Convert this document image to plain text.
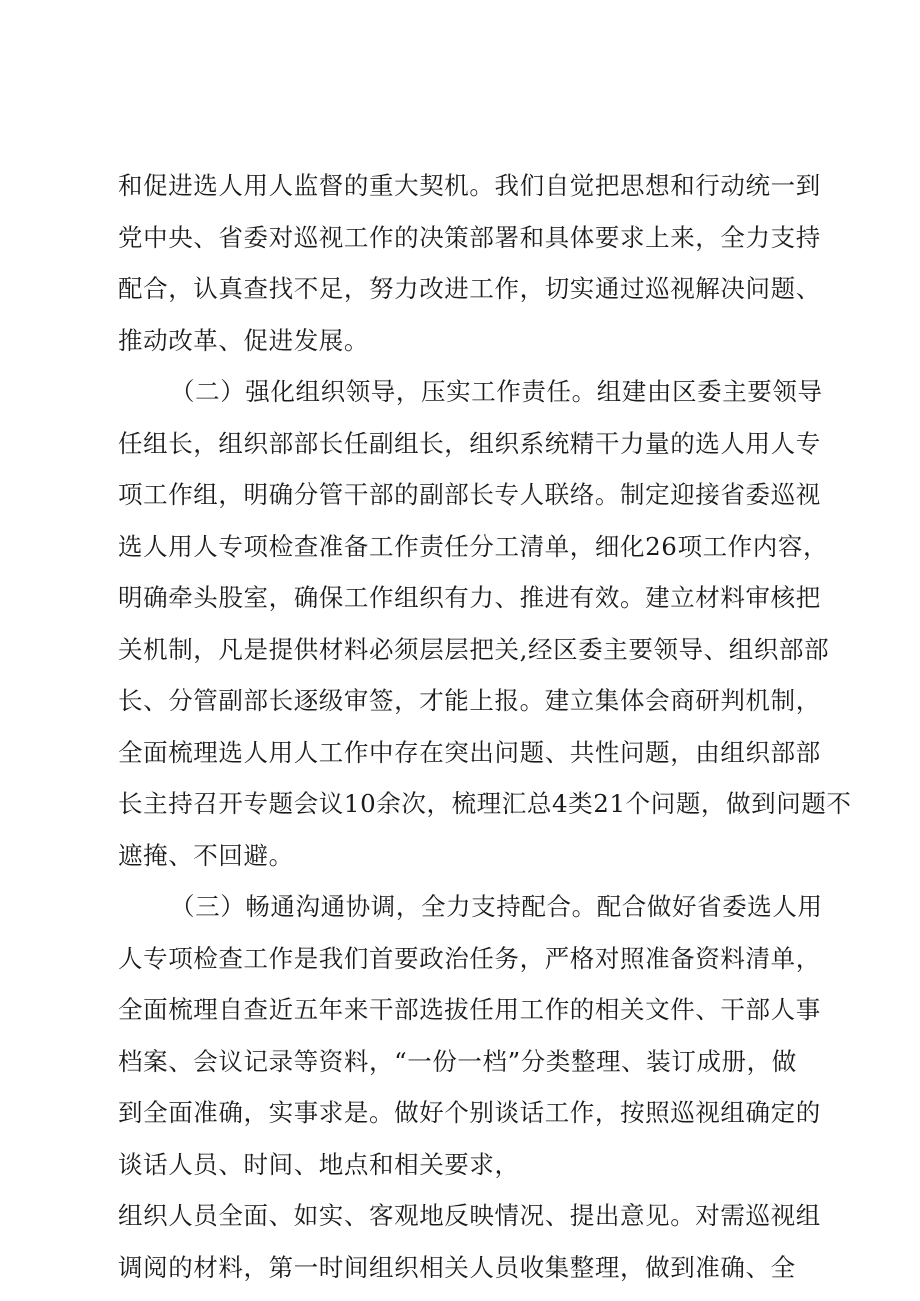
和促进选人用人监督的重大契机。我们自觉把思想和行动统一到
党中央、省委对巡视工作的决策部署和具体要求上来，全力支持
配合，认真查找不足，努力改进工作，切实通过巡视解决问题、
推动改革、促进发展。
（二）强化组织领导，压实工作责任。组建由区委主要领导
任组长，组织部部长任副组长，组织系统精干力量的选人用人专
项工作组，明确分管干部的副部长专人联络。制定迎接省委巡视
选人用人专项检查准备工作责任分工清单，细化26项工作内容，
明确牵头股室，确保工作组织有力、推进有效。建立材料审核把
关机制，凡是提供材料必须层层把关,经区委主要领导、组织部部
长、分管副部长逐级审签，才能上报。建立集体会商研判机制，
全面梳理选人用人工作中存在突出问题、共性问题，由组织部部
长主持召开专题会议10余次，梳理汇总4类21个问题，做到问题不
遮掩、不回避。
（三）畅通沟通协调，全力支持配合。配合做好省委选人用
人专项检查工作是我们首要政治任务，严格对照准备资料清单，
全面梳理自查近五年来干部选拔任用工作的相关文件、干部人事
档案、会议记录等资料，“一份一档”分类整理、装订成册，做
到全面准确，实事求是。做好个别谈话工作，按照巡视组确定的
谈话人员、时间、地点和相关要求，
组织人员全面、如实、客观地反映情况、提出意见。对需巡视组
调阅的材料，第一时间组织相关人员收集整理，做到准确、全
